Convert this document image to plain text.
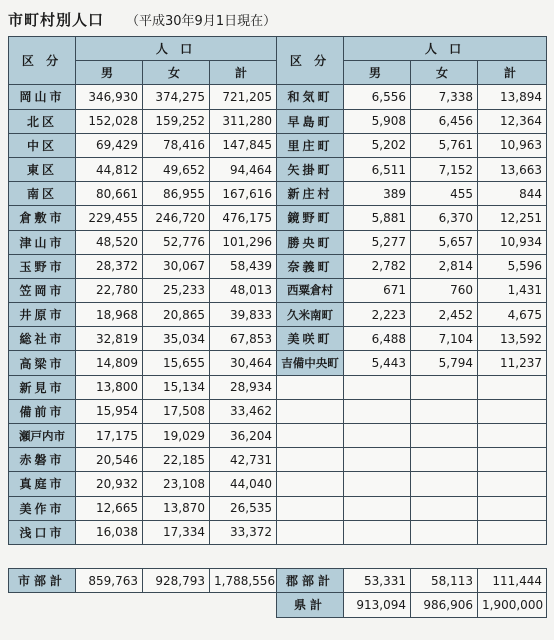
市町村別人口 （平成30年9月1日現在）
区 分	人 口			区 分	人 口		
	男	女	計		男	女	計
岡山市	346,930	374,275	721,205	和気町	6,556	7,338	13,894
北区	152,028	159,252	311,280	早島町	5,908	6,456	12,364
中区	69,429	78,416	147,845	里庄町	5,202	5,761	10,963
東区	44,812	49,652	94,464	矢掛町	6,511	7,152	13,663
南区	80,661	86,955	167,616	新庄村	389	455	844
倉敷市	229,455	246,720	476,175	鏡野町	5,881	6,370	12,251
津山市	48,520	52,776	101,296	勝央町	5,277	5,657	10,934
玉野市	28,372	30,067	58,439	奈義町	2,782	2,814	5,596
笠岡市	22,780	25,233	48,013	西粟倉村	671	760	1,431
井原市	18,968	20,865	39,833	久米南町	2,223	2,452	4,675
総社市	32,819	35,034	67,853	美咲町	6,488	7,104	13,592
高梁市	14,809	15,655	30,464	吉備中央町	5,443	5,794	11,237
新見市	13,800	15,134	28,934				
備前市	15,954	17,508	33,462				
瀬戸内市	17,175	19,029	36,204				
赤磐市	20,546	22,185	42,731				
真庭市	20,932	23,108	44,040				
美作市	12,665	13,870	26,535				
浅口市	16,038	17,334	33,372				

市部計	859,763	928,793	1,788,556	郡部計	53,331	58,113	111,444
				県計	913,094	986,906	1,900,000
